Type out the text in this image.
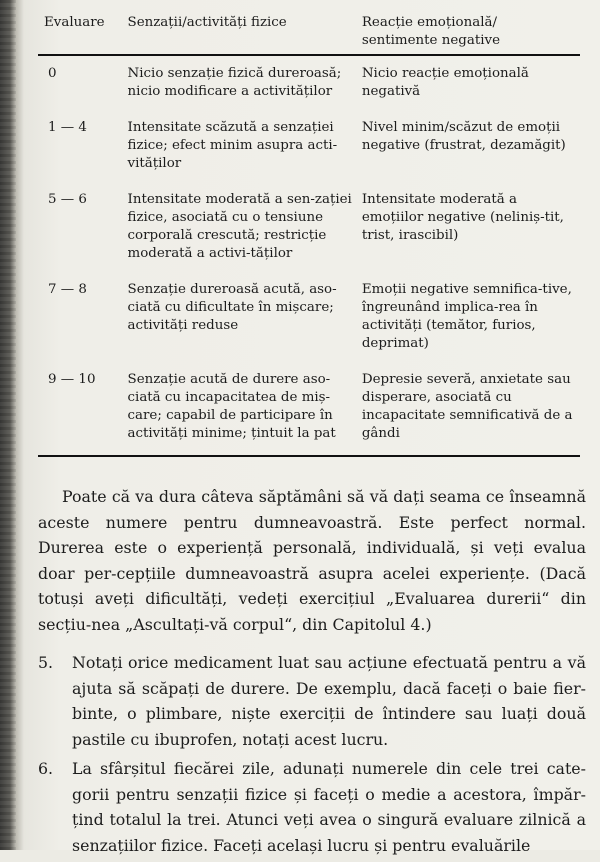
Evaluare	Senzații/activități fizice	Reacție emoțională/ sentimente negative
0	Nicio senzație fizică dureroasă; nicio modificare a activităților	Nicio reacție emoțională negativă
1 — 4	Intensitate scăzută a senzației fizice; efect minim asupra acti-vităților	Nivel minim/scăzut de emoții negative (frustrat, dezamăgit)
5 — 6	Intensitate moderată a sen-zației fizice, asociată cu o tensiune corporală crescută; restricție moderată a activi-tăților	Intensitate moderată a emoțiilor negative (neliniș-tit, trist, irascibil)
7 — 8	Senzație dureroasă acută, aso-ciată cu dificultate în mișcare; activități reduse	Emoții negative semnifica-tive, îngreunând implica-rea în activități (temător, furios, deprimat)
9 — 10	Senzație acută de durere aso-ciată cu incapacitatea de miș-care; capabil de participare în activități minime; țintuit la pat	Depresie severă, anxietate sau disperare, asociată cu incapacitate semnificativă de a gândi

Poate că va dura câteva săptămâni să vă dați seama ce înseamnă aceste numere pentru dumneavoastră. Este perfect normal. Durerea este o experiență personală, individuală, și veți evalua doar per-cepțiile dumneavoastră asupra acelei experiențe. (Dacă totuși aveți dificultăți, vedeți exercițiul „Evaluarea durerii“ din secțiu-nea „Ascultați-vă corpul“, din Capitolul 4.)

5. Notați orice medicament luat sau acțiune efectuată pentru a vă ajuta să scăpați de durere. De exemplu, dacă faceți o baie fier-binte, o plimbare, niște exerciții de întindere sau luați două pastile cu ibuprofen, notați acest lucru.
6. La sfârșitul fiecărei zile, adunați numerele din cele trei cate-gorii pentru senzații fizice și faceți o medie a acestora, împăr-țind totalul la trei. Atunci veți avea o singură evaluare zilnică a senzațiilor fizice. Faceți același lucru și pentru evaluările
